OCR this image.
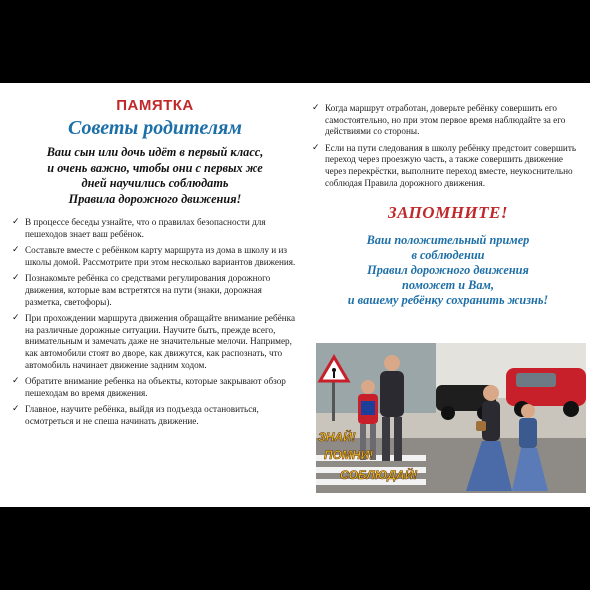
ПАМЯТКА
Советы родителям
Ваш сын или дочь идёт в первый класс,
и очень важно, чтобы они с первых же
дней научились соблюдать
Правила дорожного движения!
✓ В процессе беседы узнайте, что о правилах безопасности для пешеходов знает ваш ребёнок.
✓ Составьте вместе с ребёнком карту маршрута из дома в школу и из школы домой. Рассмотрите при этом несколько вариантов движения.
✓ Познакомьте ребёнка со средствами регулирования дорожного движения, которые вам встретятся на пути (знаки, дорожная разметка, светофоры).
✓ При прохождении маршрута движения обращайте внимание ребёнка на различные дорожные ситуации. Научите быть, прежде всего, внимательным и замечать даже не значительные мелочи. Например, как автомобили стоят во дворе, как движутся, как распознать, что автомобиль начинает движение задним ходом.
✓ Обратите внимание ребенка на объекты, которые закрывают обзор пешеходам во время движения.
✓ Главное, научите ребёнка, выйдя из подъезда остановиться, осмотреться и не спеша начинать движение.
✓ Когда маршрут отработан, доверьте ребёнку совершить его самостоятельно, но при этом первое время наблюдайте за его действиями со стороны.
✓ Если на пути следования в школу ребёнку предстоит совершить переход через проезжую часть, а также совершить движение через перекрёстки, выполните переход вместе, неукоснительно соблюдая Правила дорожного движения.
ЗАПОМНИТЕ!
Ваш положительный пример
в соблюдении
Правил дорожного движения
поможет и Вам,
и вашему ребёнку сохранить жизнь!
ЗНАЙ!
ПОМНИ!
СОБЛЮДАЙ!
